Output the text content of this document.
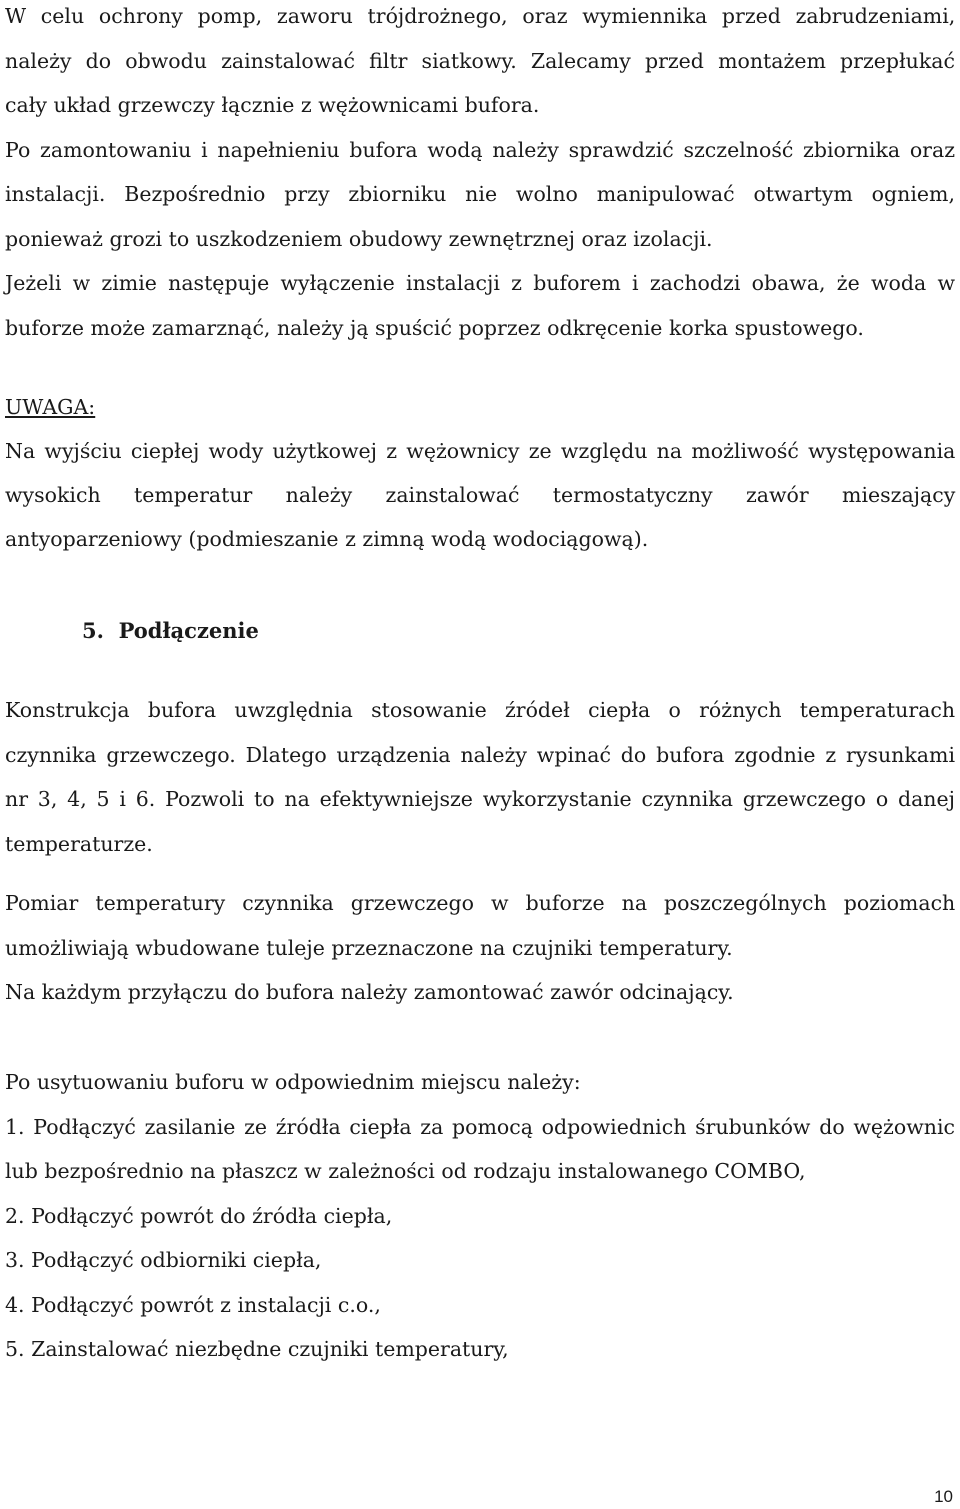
W celu ochrony pomp, zaworu trójdrożnego, oraz wymiennika przed zabrudzeniami,
należy do obwodu zainstalować filtr siatkowy. Zalecamy przed montażem przepłukać
cały układ grzewczy łącznie z wężownicami bufora.
Po zamontowaniu i napełnieniu bufora wodą należy sprawdzić szczelność zbiornika oraz
instalacji. Bezpośrednio przy zbiorniku nie wolno manipulować otwartym ogniem,
ponieważ grozi to uszkodzeniem obudowy zewnętrznej oraz izolacji.
Jeżeli w zimie następuje wyłączenie instalacji z buforem i zachodzi obawa, że woda w
buforze może zamarznąć, należy ją spuścić poprzez odkręcenie korka spustowego.
UWAGA:
Na wyjściu ciepłej wody użytkowej z wężownicy ze względu na możliwość występowania
wysokich temperatur należy zainstalować termostatyczny zawór mieszający
antyoparzeniowy (podmieszanie z zimną wodą wodociągową).
5. Podłączenie
Konstrukcja bufora uwzględnia stosowanie źródeł ciepła o różnych temperaturach
czynnika grzewczego. Dlatego urządzenia należy wpinać do bufora zgodnie z rysunkami
nr 3, 4, 5 i 6. Pozwoli to na efektywniejsze wykorzystanie czynnika grzewczego o danej
temperaturze.
Pomiar temperatury czynnika grzewczego w buforze na poszczególnych poziomach
umożliwiają wbudowane tuleje przeznaczone na czujniki temperatury.
Na każdym przyłączu do bufora należy zamontować zawór odcinający.
Po usytuowaniu buforu w odpowiednim miejscu należy:
1. Podłączyć zasilanie ze źródła ciepła za pomocą odpowiednich śrubunków do wężownic
lub bezpośrednio na płaszcz w zależności od rodzaju instalowanego COMBO,
2. Podłączyć powrót do źródła ciepła,
3. Podłączyć odbiorniki ciepła,
4. Podłączyć powrót z instalacji c.o.,
5. Zainstalować niezbędne czujniki temperatury,
10
